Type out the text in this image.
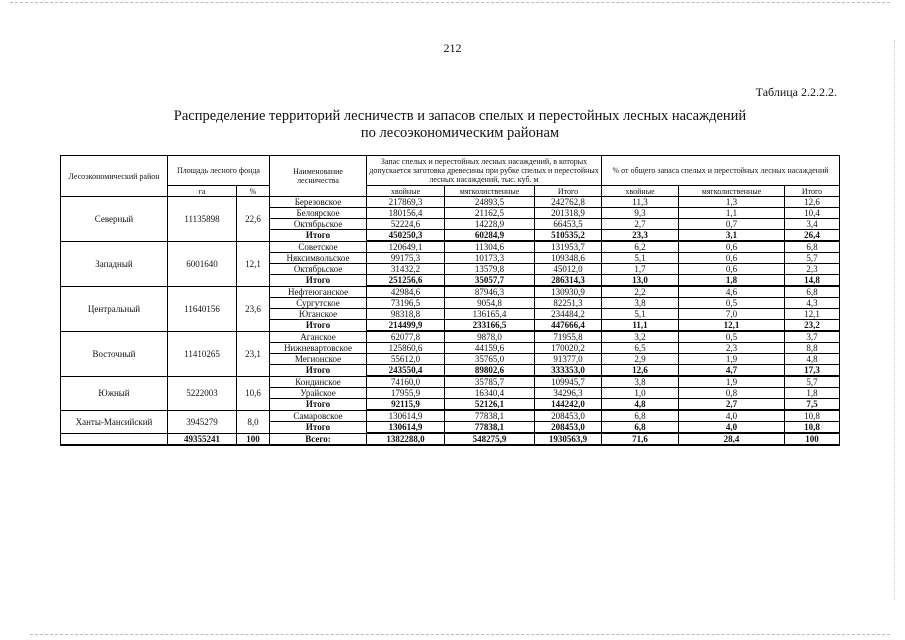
212
Таблица 2.2.2.2.
Распределение территорий лесничеств и запасов спелых и перестойных лесных насаждений
по лесоэкономическим районам
Лесоэкономический район	Площадь лесного фонда		Наименование лесничества	Запас спелых и перестойных лесных насаждений, в которых допускается заготовка древесины при рубке спелых и перестойных лесных насаждений, тыс. куб. м			% от общего запаса спелых и перестойных лесных насаждений		
	га	%		хвойные	мягколиственные	Итого	хвойные	мягколиственные	Итого
Северный	11135898	22,6	Березовское	217869,3	24893,5	242762,8	11,3	1,3	12,6
			Белоярское	180156,4	21162,5	201318,9	9,3	1,1	10,4
			Октябрьское	52224,6	14228,9	66453,5	2,7	0,7	3,4
			Итого	450250,3	60284,9	510535,2	23,3	3,1	26,4
Западный	6001640	12,1	Советское	120649,1	11304,6	131953,7	6,2	0,6	6,8
			Няксимвольское	99175,3	10173,3	109348,6	5,1	0,6	5,7
			Октябрьское	31432,2	13579,8	45012,0	1,7	0,6	2,3
			Итого	251256,6	35057,7	286314,3	13,0	1,8	14,8
Центральный	11640156	23,6	Нефтеюганское	42984,6	87946,3	130930,9	2,2	4,6	6,8
			Сургутское	73196,5	9054,8	82251,3	3,8	0,5	4,3
			Юганское	98318,8	136165,4	234484,2	5,1	7,0	12,1
			Итого	214499,9	233166,5	447666,4	11,1	12,1	23,2
Восточный	11410265	23,1	Аганское	62077,8	9878,0	71955,8	3,2	0,5	3,7
			Нижневартовское	125860,6	44159,6	170020,2	6,5	2,3	8,8
			Мегионское	55612,0	35765,0	91377,0	2,9	1,9	4,8
			Итого	243550,4	89802,6	333353,0	12,6	4,7	17,3
Южный	5222003	10,6	Кондинское	74160,0	35785,7	109945,7	3,8	1,9	5,7
			Урайское	17955,9	16340,4	34296,3	1,0	0,8	1,8
			Итого	92115,9	52126,1	144242,0	4,8	2,7	7,5
Ханты-Мансийский	3945279	8,0	Самаровское	130614,9	77838,1	208453,0	6,8	4,0	10,8
			Итого	130614,9	77838,1	208453,0	6,8	4,0	10,8
	49355241	100	Всего:	1382288,0	548275,9	1930563,9	71,6	28,4	100
